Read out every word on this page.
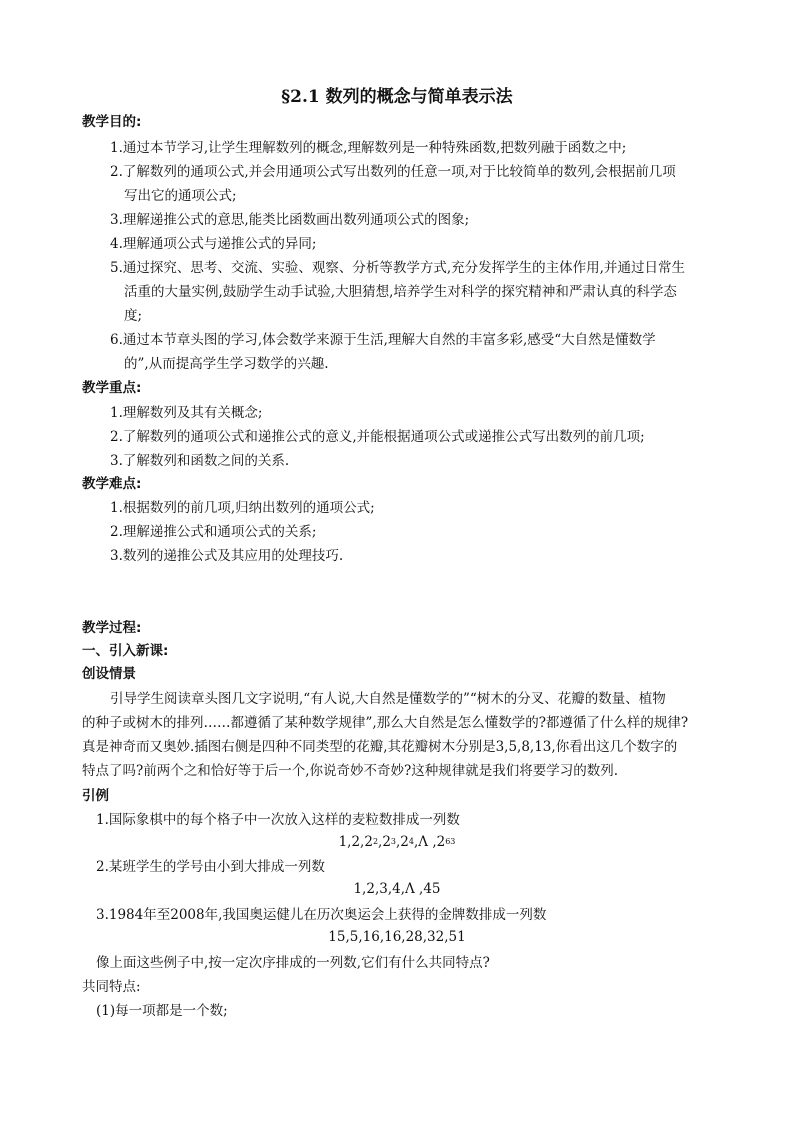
§2.1 数列的概念与简单表示法
教学目的:
1.通过本节学习,让学生理解数列的概念,理解数列是一种特殊函数,把数列融于函数之中;
2.了解数列的通项公式,并会用通项公式写出数列的任意一项,对于比较简单的数列,会根据前几项
写出它的通项公式;
3.理解递推公式的意思,能类比函数画出数列通项公式的图象;
4.理解通项公式与递推公式的异同;
5.通过探究、思考、交流、实验、观察、分析等教学方式,充分发挥学生的主体作用,并通过日常生
活重的大量实例,鼓励学生动手试验,大胆猜想,培养学生对科学的探究精神和严肃认真的科学态
度;
6.通过本节章头图的学习,体会数学来源于生活,理解大自然的丰富多彩,感受“大自然是懂数学
的”,从而提高学生学习数学的兴趣.
教学重点:
1.理解数列及其有关概念;
2.了解数列的通项公式和递推公式的意义,并能根据通项公式或递推公式写出数列的前几项;
3.了解数列和函数之间的关系.
教学难点:
1.根据数列的前几项,归纳出数列的通项公式;
2.理解递推公式和通项公式的关系;
3.数列的递推公式及其应用的处理技巧.
教学过程:
一、引入新课:
创设情景
引导学生阅读章头图几文字说明,“有人说,大自然是懂数学的”“树木的分叉、花瓣的数量、植物
的种子或树木的排列……都遵循了某种数学规律”,那么大自然是怎么懂数学的?都遵循了什么样的规律?
真是神奇而又奥妙.插图右侧是四种不同类型的花瓣,其花瓣树木分别是3,5,8,13,你看出这几个数字的
特点了吗?前两个之和恰好等于后一个,你说奇妙不奇妙?这种规律就是我们将要学习的数列.
引例
1.国际象棋中的每个格子中一次放入这样的麦粒数排成一列数
$1,2,2^2,2^3,2^4,\Lambda$ $,2^{63}$
2.某班学生的学号由小到大排成一列数
1,2,3,4,Λ ,45
3.1984年至2008年,我国奥运健儿在历次奥运会上获得的金牌数排成一列数
15,5,16,16,28,32,51
像上面这些例子中,按一定次序排成的一列数,它们有什么共同特点?
共同特点:
(1)每一项都是一个数;
